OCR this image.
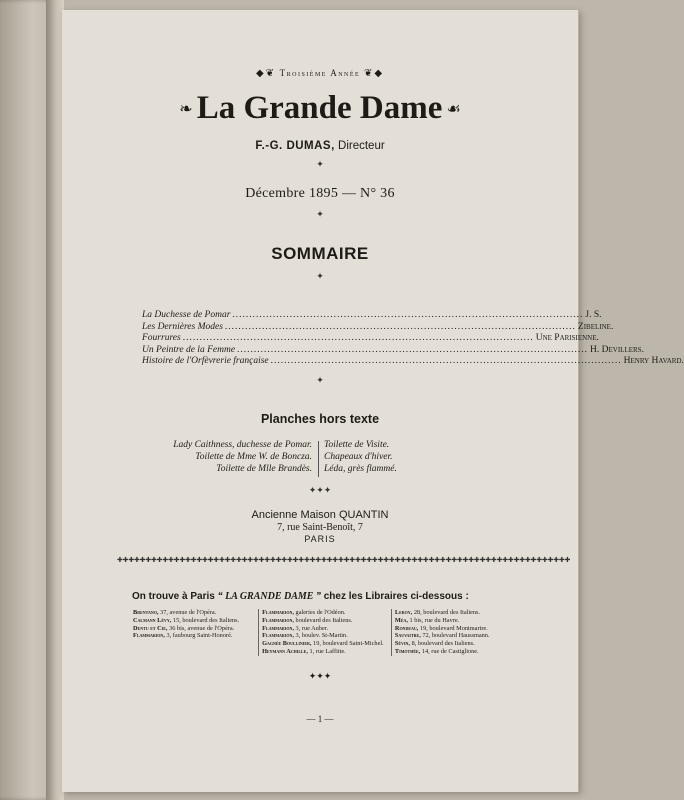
◆❦ Troisième Année ❦◆
❧ La Grande Dame ☙
F.-G. DUMAS, Directeur
✦
Décembre 1895 — N° 36
✦
SOMMAIRE
✦
La Duchesse de Pomar .....	J. S.
Les Dernières Modes .....	Zibeline.
Fourrures .....	Une Parisienne.
Un Peintre de la Femme .....	H. Devillers.
Histoire de l'Orfèvrerie française .....	Henry Havard.
✦
Planches hors texte
Lady Caithness, duchesse de Pomar.
Toilette de Mme W. de Boncza.
Toilette de Mlle Brandès.
Toilette de Visite.
Chapeaux d'hiver.
Léda, grès flammé.
✦✦✦
Ancienne Maison QUANTIN
7, rue Saint-Benoît, 7
PARIS
✚✚✚✚✚✚✚✚✚✚✚✚✚✚✚✚✚✚✚✚✚✚✚✚✚✚✚✚✚✚✚✚✚✚✚✚✚✚✚✚✚✚✚✚✚✚✚✚✚✚✚✚✚✚✚✚✚✚✚✚✚✚✚✚✚✚✚✚✚✚✚✚✚✚✚✚✚✚✚✚
On trouve à Paris “ LA GRANDE DAME ” chez les Libraires ci-dessous :
Brentano, 37, avenue de l'Opéra.
Calmann Lévy, 15, boulevard des Italiens.
Dentu et Cie, 36 bis, avenue de l'Opéra.
Flammarion, 3, faubourg Saint-Honoré.
Flammarion, galeries de l'Odéon.
Flammarion, boulevard des Italiens.
Flammarion, 3, rue Auber.
Flammarion, 3, boulev. St-Martin.
Gagnée Boullinier, 19, boulevard Saint-Michel.
Heymann Achille, 1, rue Laffitte.
Leroy, 28, boulevard des Italiens.
Méa, 1 bis, rue du Havre.
Rondeau, 19, boulevard Montmartre.
Sauvaitre, 72, boulevard Haussmann.
Sèvin, 8, boulevard des Italiens.
Timothée, 14, rue de Castiglione.
✦✦✦
— 1 —
